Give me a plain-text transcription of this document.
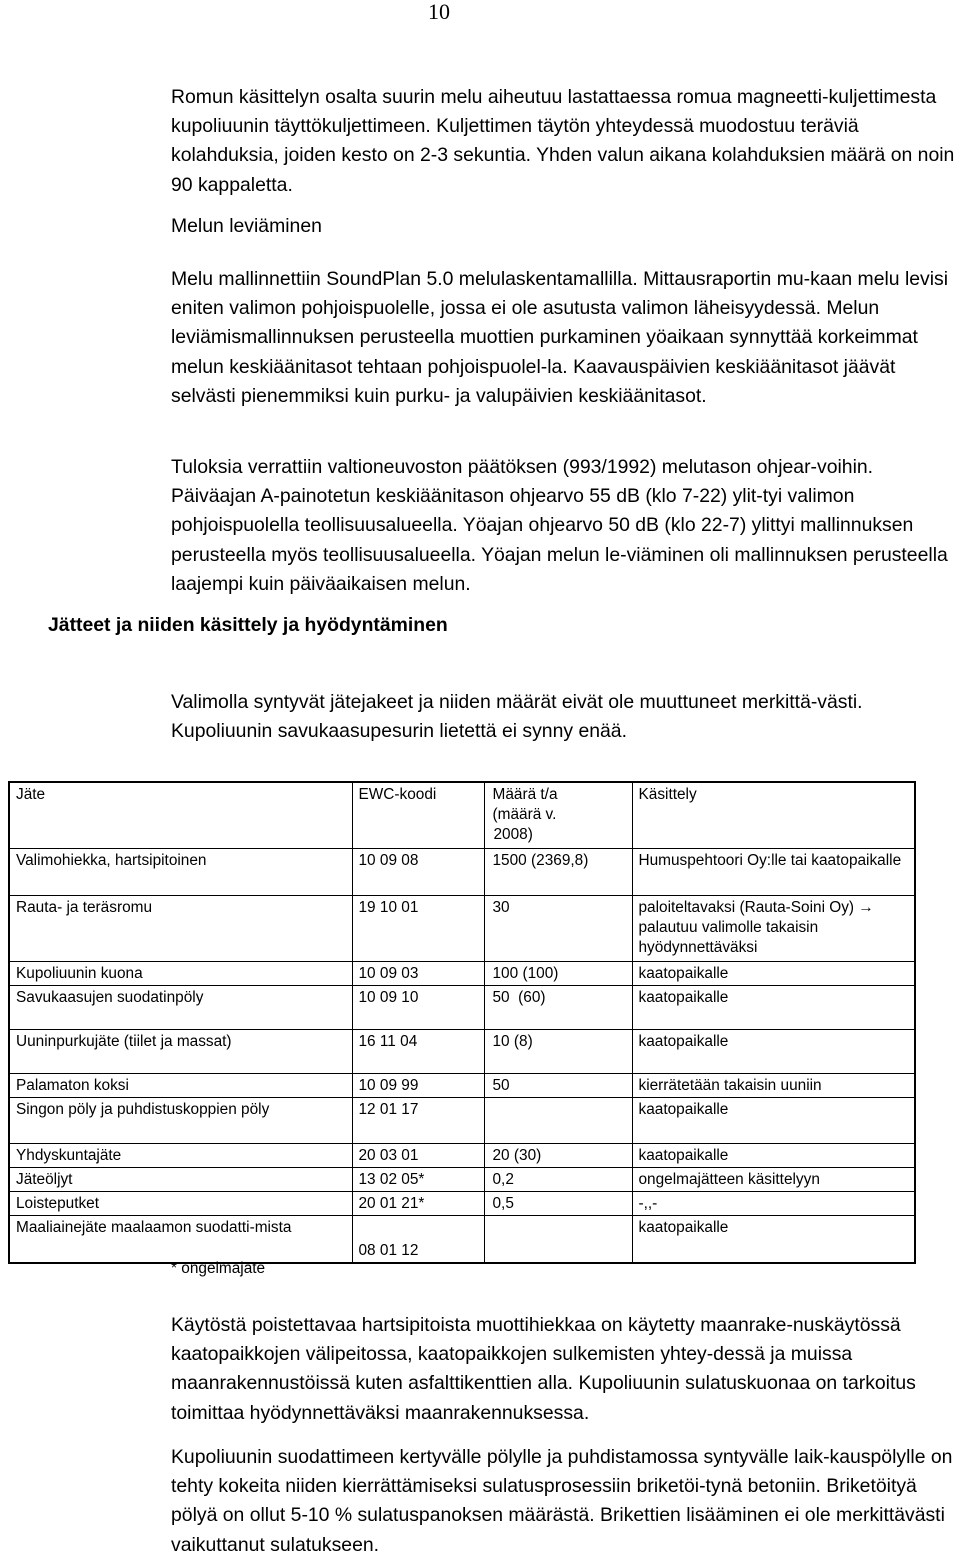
10

Romun käsittelyn osalta suurin melu aiheutuu lastattaessa romua magneetti-kuljettimesta kupoliuunin täyttökuljettimeen. Kuljettimen täytön yhteydessä muodostuu teräviä kolahduksia, joiden kesto on 2-3 sekuntia. Yhden valun aikana kolahduksien määrä on noin 90 kappaletta.

Melun leviäminen

Melu mallinnettiin SoundPlan 5.0 melulaskentamallilla. Mittausraportin mu-kaan melu levisi eniten valimon pohjoispuolelle, jossa ei ole asutusta valimon läheisyydessä. Melun leviämismallinnuksen perusteella muottien purkaminen yöaikaan synnyttää korkeimmat melun keskiäänitasot tehtaan pohjoispuolel-la. Kaavauspäivien keskiäänitasot jäävät selvästi pienemmiksi kuin purku- ja valupäivien keskiäänitasot.

Tuloksia verrattiin valtioneuvoston päätöksen (993/1992) melutason ohjear-voihin. Päiväajan A-painotetun keskiäänitason ohjearvo 55 dB (klo 7-22) ylit-tyi valimon pohjoispuolella teollisuusalueella. Yöajan ohjearvo 50 dB (klo 22-7) ylittyi mallinnuksen perusteella myös teollisuusalueella. Yöajan melun le-viäminen oli mallinnuksen perusteella laajempi kuin päiväaikaisen melun.

Jätteet ja niiden käsittely ja hyödyntäminen

Valimolla syntyvät jätejakeet ja niiden määrät eivät ole muuttuneet merkittä-västi. Kupoliuunin savukaasupesurin lietettä ei synny enää.

Jäte	EWC-koodi	Määrä t/a
(määrä v.
2008)	Käsittely
Valimohiekka, hartsipitoinen	10 09 08	1500 (2369,8)	Humuspehtoori Oy:lle tai kaatopaikalle
Rauta- ja teräsromu	19 10 01	30	paloiteltavaksi (Rauta-Soini Oy) → palautuu valimolle takaisin hyödynnettäväksi
Kupoliuunin kuona	10 09 03	100 (100)	kaatopaikalle
Savukaasujen suodatinpöly	10 09 10	50  (60)	kaatopaikalle
Uuninpurkujäte (tiilet ja massat)	16 11 04	10 (8)	kaatopaikalle
Palamaton koksi	10 09 99	50	kierrätetään takaisin uuniin
Singon pöly ja puhdistuskoppien pöly	12 01 17		kaatopaikalle
Yhdyskuntajäte	20 03 01	20 (30)	kaatopaikalle
Jäteöljyt	13 02 05*	0,2	ongelmajätteen käsittelyyn
Loisteputket	20 01 21*	0,5	-,,-
Maaliainejäte maalaamon suodatti-mista	08 01 12		kaatopaikalle
* ongelmajäte

Käytöstä poistettavaa hartsipitoista muottihiekkaa on käytetty maanrake-nuskäytössä kaatopaikkojen välipeitossa, kaatopaikkojen sulkemisten yhtey-dessä ja muissa maanrakennustöissä kuten asfalttikenttien alla. Kupoliuunin sulatuskuonaa on tarkoitus toimittaa hyödynnettäväksi maanrakennuksessa.

Kupoliuunin suodattimeen kertyvälle pölylle ja puhdistamossa syntyvälle laik-kauspölylle on tehty kokeita niiden kierrättämiseksi sulatusprosessiin briketöi-tynä betoniin. Briketöityä pölyä on ollut 5-10 % sulatuspanoksen määrästä. Brikettien lisääminen ei ole merkittävästi vaikuttanut sulatukseen.
